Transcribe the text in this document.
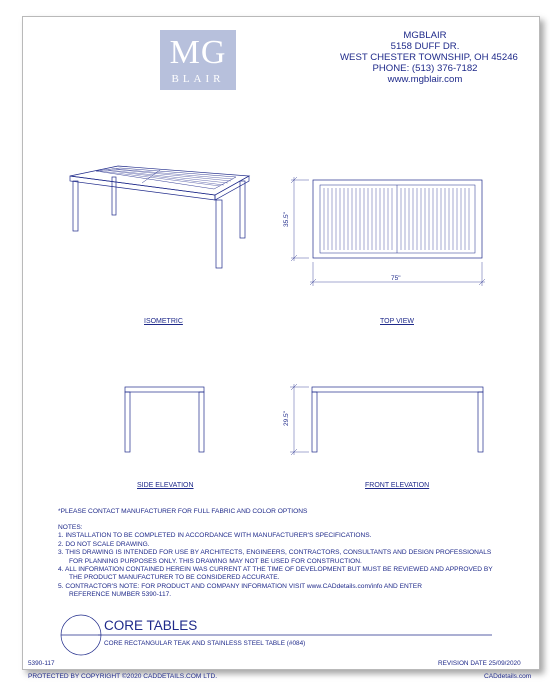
MG
BLAIR
MGBLAIR
5158 DUFF DR.
WEST CHESTER TOWNSHIP, OH 45246
PHONE: (513) 376-7182
www.mgblair.com
ISOMETRIC	TOP VIEW
SIDE ELEVATION	FRONT ELEVATION
35.5"
75"
29.5"
*PLEASE CONTACT MANUFACTURER FOR FULL FABRIC AND COLOR OPTIONS
NOTES:
1. INSTALLATION TO BE COMPLETED IN ACCORDANCE WITH MANUFACTURER'S SPECIFICATIONS.
2. DO NOT SCALE DRAWING.
3. THIS DRAWING IS INTENDED FOR USE BY ARCHITECTS, ENGINEERS, CONTRACTORS, CONSULTANTS AND DESIGN PROFESSIONALS
FOR PLANNING PURPOSES ONLY. THIS DRAWING MAY NOT BE USED FOR CONSTRUCTION.
4. ALL INFORMATION CONTAINED HEREIN WAS CURRENT AT THE TIME OF DEVELOPMENT BUT MUST BE REVIEWED AND APPROVED BY
THE PRODUCT MANUFACTURER TO BE CONSIDERED ACCURATE.
5. CONTRACTOR'S NOTE: FOR PRODUCT AND COMPANY INFORMATION VISIT www.CADdetails.com/info AND ENTER
REFERENCE NUMBER 5390-117.
CORE TABLES
CORE RECTANGULAR TEAK AND STAINLESS STEEL TABLE (#084)
5390-117	REVISION DATE 25/09/2020
PROTECTED BY COPYRIGHT ©2020 CADDETAILS.COM LTD.	CADdetails.com
